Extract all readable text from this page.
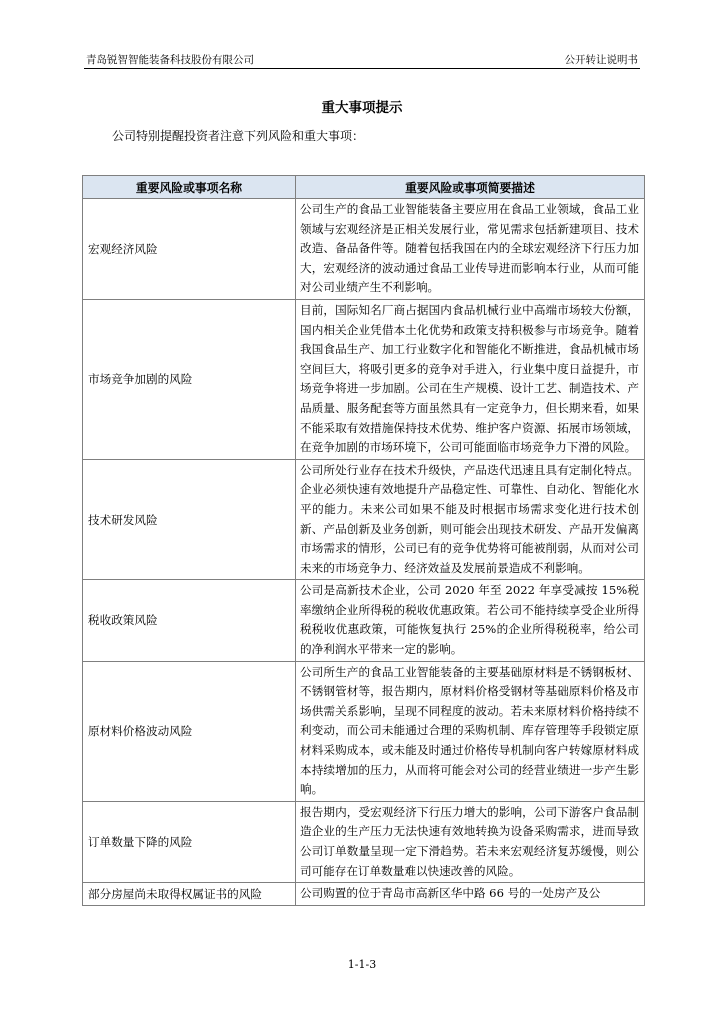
青岛锐智智能装备科技股份有限公司	公开转让说明书
重大事项提示
公司特别提醒投资者注意下列风险和重大事项：
重要风险或事项名称	重要风险或事项简要描述
宏观经济风险	公司生产的食品工业智能装备主要应用在食品工业领域，食品工业领域与宏观经济是正相关发展行业，常见需求包括新建项目、技术改造、备品备件等。随着包括我国在内的全球宏观经济下行压力加大，宏观经济的波动通过食品工业传导进而影响本行业，从而可能对公司业绩产生不利影响。
市场竞争加剧的风险	目前，国际知名厂商占据国内食品机械行业中高端市场较大份额，国内相关企业凭借本土化优势和政策支持积极参与市场竞争。随着我国食品生产、加工行业数字化和智能化不断推进，食品机械市场空间巨大，将吸引更多的竞争对手进入，行业集中度日益提升，市场竞争将进一步加剧。公司在生产规模、设计工艺、制造技术、产品质量、服务配套等方面虽然具有一定竞争力，但长期来看，如果不能采取有效措施保持技术优势、维护客户资源、拓展市场领域，在竞争加剧的市场环境下，公司可能面临市场竞争力下滑的风险。
技术研发风险	公司所处行业存在技术升级快，产品迭代迅速且具有定制化特点。企业必须快速有效地提升产品稳定性、可靠性、自动化、智能化水平的能力。未来公司如果不能及时根据市场需求变化进行技术创新、产品创新及业务创新，则可能会出现技术研发、产品开发偏离市场需求的情形，公司已有的竞争优势将可能被削弱，从而对公司未来的市场竞争力、经济效益及发展前景造成不利影响。
税收政策风险	公司是高新技术企业，公司 2020 年至 2022 年享受减按 15%税率缴纳企业所得税的税收优惠政策。若公司不能持续享受企业所得税税收优惠政策，可能恢复执行 25%的企业所得税税率，给公司的净利润水平带来一定的影响。
原材料价格波动风险	公司所生产的食品工业智能装备的主要基础原材料是不锈钢板材、不锈钢管材等，报告期内，原材料价格受钢材等基础原料价格及市场供需关系影响，呈现不同程度的波动。若未来原材料价格持续不利变动，而公司未能通过合理的采购机制、库存管理等手段锁定原材料采购成本，或未能及时通过价格传导机制向客户转嫁原材料成本持续增加的压力，从而将可能会对公司的经营业绩进一步产生影响。
订单数量下降的风险	报告期内，受宏观经济下行压力增大的影响，公司下游客户食品制造企业的生产压力无法快速有效地转换为设备采购需求，进而导致公司订单数量呈现一定下滑趋势。若未来宏观经济复苏缓慢，则公司可能存在订单数量难以快速改善的风险。
部分房屋尚未取得权属证书的风险	公司购置的位于青岛市高新区华中路 66 号的一处房产及公
1-1-3
